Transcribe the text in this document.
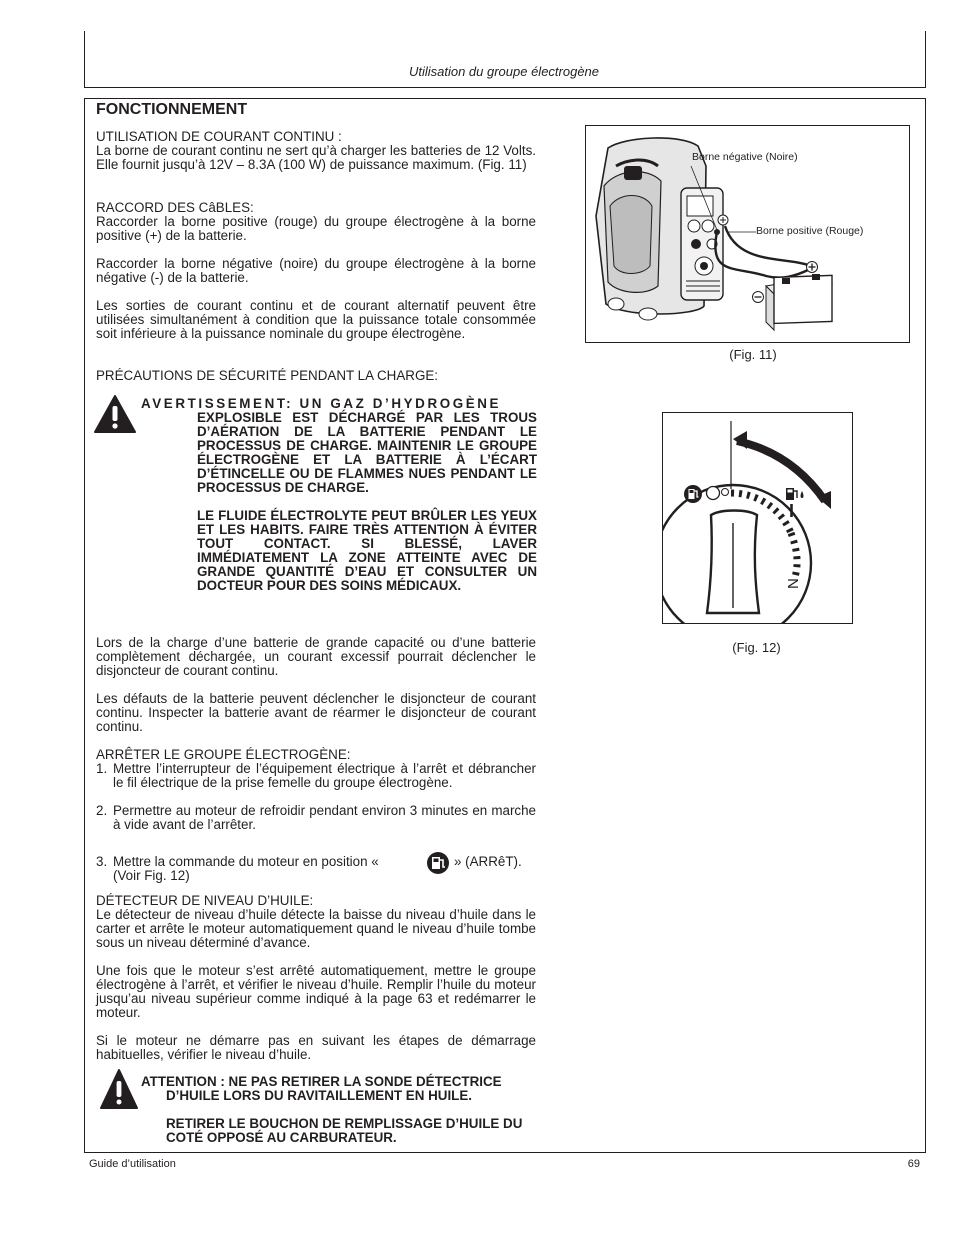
Utilisation du groupe électrogène
FONCTIONNEMENT

UTILISATION DE COURANT CONTINU :

La borne de courant continu ne sert qu’à charger les batteries de 12 Volts. Elle fournit jusqu’à 12V – 8.3A (100 W) de puissance maximum. (Fig. 11)

RACCORD DES CâBLES:

Raccorder la borne positive (rouge) du groupe électrogène à la borne positive (+) de la batterie.

Raccorder la borne négative (noire) du groupe électrogène à la borne négative (-) de la batterie.

Les sorties de courant continu et de courant alternatif peuvent être utilisées simultanément à condition que la puissance totale consommée soit inférieure à la puissance nominale du groupe électrogène.

PRÉCAUTIONS DE SÉCURITÉ PENDANT LA CHARGE:

AVERTISSEMENT: UN GAZ D’HYDROGÈNE

EXPLOSIBLE EST DÉCHARGÉ PAR LES TROUS D’AÉRATION DE LA BATTERIE PENDANT LE PROCESSUS DE CHARGE. MAINTENIR LE GROUPE ÉLECTROGÈNE ET LA BATTERIE À L’ÉCART D’ÉTINCELLE OU DE FLAMMES NUES PENDANT LE PROCESSUS DE CHARGE.

LE FLUIDE ÉLECTROLYTE PEUT BRÛLER LES YEUX ET LES HABITS. FAIRE TRÈS ATTENTION À ÉVITER TOUT CONTACT. SI BLESSÉ, LAVER IMMÉDIATEMENT LA ZONE ATTEINTE AVEC DE GRANDE QUANTITÉ D’EAU ET CONSULTER UN DOCTEUR POUR DES SOINS MÉDICAUX.

Lors de la charge d’une batterie de grande capacité ou d’une batterie complètement déchargée, un courant excessif pourrait déclencher le disjoncteur de courant continu.

Les défauts de la batterie peuvent déclencher le disjoncteur de courant continu. Inspecter la batterie avant de réarmer le disjoncteur de courant continu.

ARRÊTER LE GROUPE ÉLECTROGÈNE:

1. Mettre l’interrupteur de l’équipement électrique à l’arrêt et débrancher le fil électrique de la prise femelle du groupe électrogène.
2. Permettre au moteur de refroidir pendant environ 3 minutes en marche à vide avant de l’arrêter.
3. Mettre la commande du moteur en position «	» (ARRêT).
(Voir Fig. 12)

DÉTECTEUR DE NIVEAU D’HUILE:

Le détecteur de niveau d’huile détecte la baisse du niveau d’huile dans le carter et arrête le moteur automatiquement quand le niveau d’huile tombe sous un niveau déterminé d’avance.

Une fois que le moteur s’est arrêté automatiquement, mettre le groupe électrogène à l’arrêt, et vérifier le niveau d’huile. Remplir l’huile du moteur jusqu’au niveau supérieur comme indiqué à la page 63 et redémarrer le moteur.

Si le moteur ne démarre pas en suivant les étapes de démarrage habituelles, vérifier le niveau d’huile.

ATTENTION : NE PAS RETIRER LA SONDE DÉTECTRICE
D’HUILE LORS DU RAVITAILLEMENT EN HUILE.
RETIRER LE BOUCHON DE REMPLISSAGE D’HUILE DU COTÉ OPPOSÉ AU CARBURATEUR.
Borne négative (Noire)
Borne positive (Rouge)
(Fig. 11)
I
N
(Fig. 12)
Guide d’utilisation	69
